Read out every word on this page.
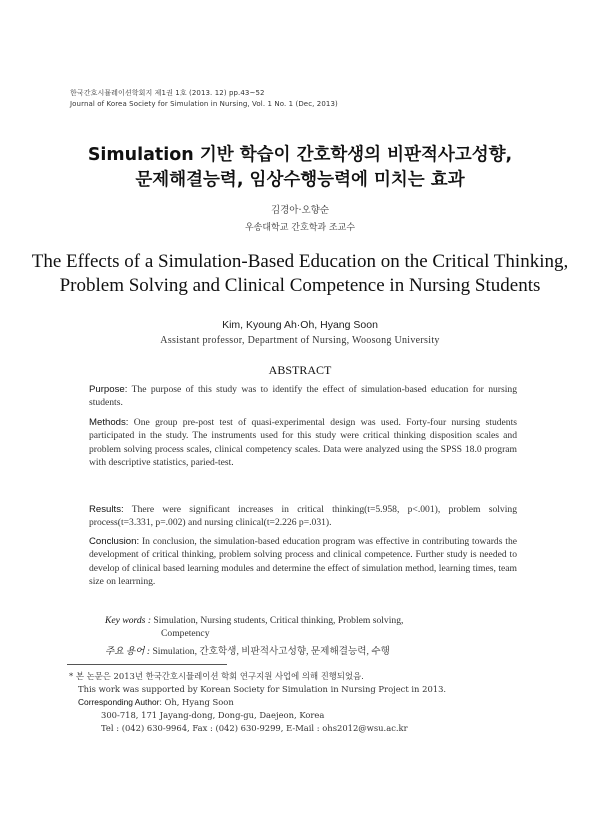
한국간호시뮬레이션학회지 제1권 1호 (2013. 12) pp.43~52
Journal of Korea Society for Simulation in Nursing, Vol. 1 No. 1 (Dec, 2013)
Simulation 기반 학습이 간호학생의 비판적사고성향,
문제해결능력, 임상수행능력에 미치는 효과
김경아·오향순
우송대학교 간호학과 조교수
The Effects of a Simulation-Based Education on the Critical Thinking,
Problem Solving and Clinical Competence in Nursing Students
Kim, Kyoung Ah·Oh, Hyang Soon
Assistant professor, Department of Nursing, Woosong University
ABSTRACT
Purpose: The purpose of this study was to identify the effect of simulation-based education for nursing students.
Methods: One group pre-post test of quasi-experimental design was used. Forty-four nursing students participated in the study. The instruments used for this study were critical thinking disposition scales and problem solving process scales, clinical competency scales. Data were analyzed using the SPSS 18.0 program with descriptive statistics, paried-test.
Results: There were significant increases in critical thinking(t=5.958, p<.001), problem solving process(t=3.331, p=.002) and nursing clinical(t=2.226 p=.031).
Conclusion: In conclusion, the simulation-based education program was effective in contributing towards the development of critical thinking, problem solving process and clinical competence. Further study is needed to develop of clinical based learning modules and determine the effect of simulation method, learning times, team size on learrning.
Key words : Simulation, Nursing students, Critical thinking, Problem solving,
Competency
주요 용어 : Simulation, 간호학생, 비판적사고성향, 문제해결능력, 수행
* 본 논문은 2013년 한국간호시뮬레이션 학회 연구지원 사업에 의해 진행되었음.
This work was supported by Korean Society for Simulation in Nursing Project in 2013.
Corresponding Author: Oh, Hyang Soon
300-718, 171 Jayang-dong, Dong-gu, Daejeon, Korea
Tel : (042) 630-9964, Fax : (042) 630-9299, E-Mail : ohs2012@wsu.ac.kr
